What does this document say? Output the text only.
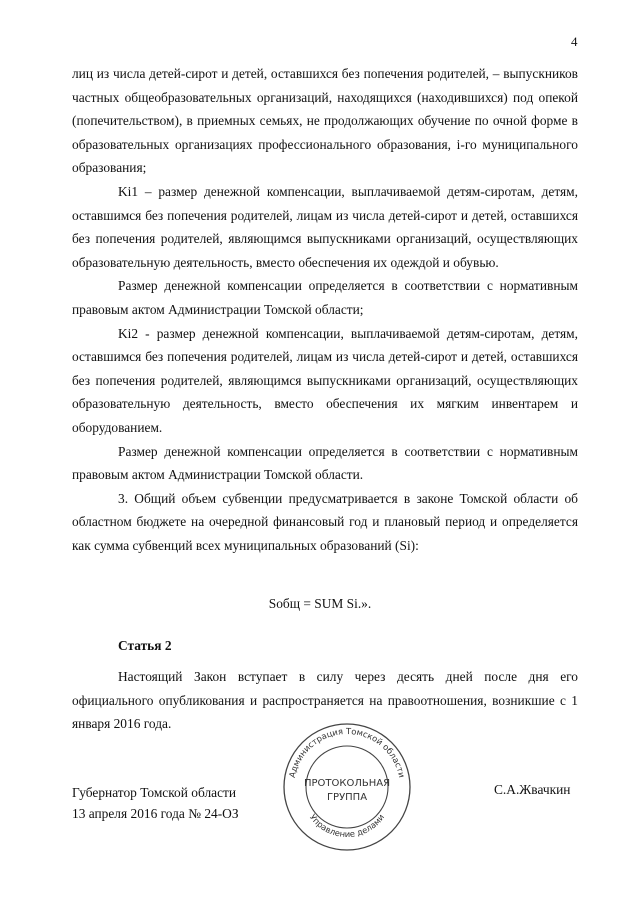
4

лиц из числа детей-сирот и детей, оставшихся без попечения родителей, – выпускников частных общеобразовательных организаций, находящихся (находившихся) под опекой (попечительством), в приемных семьях, не продолжающих обучение по очной форме в образовательных организациях профессионального образования, i-го муниципального образования;

Ki1 – размер денежной компенсации, выплачиваемой детям-сиротам, детям, оставшимся без попечения родителей, лицам из числа детей-сирот и детей, оставшихся без попечения родителей, являющимся выпускниками организаций, осуществляющих образовательную деятельность, вместо обеспечения их одеждой и обувью.

Размер денежной компенсации определяется в соответствии с нормативным правовым актом Администрации Томской области;

Ki2 - размер денежной компенсации, выплачиваемой детям-сиротам, детям, оставшимся без попечения родителей, лицам из числа детей-сирот и детей, оставшихся без попечения родителей, являющимся выпускниками организаций, осуществляющих образовательную деятельность, вместо обеспечения их мягким инвентарем и оборудованием.

Размер денежной компенсации определяется в соответствии с нормативным правовым актом Администрации Томской области.

3. Общий объем субвенции предусматривается в законе Томской области об областном бюджете на очередной финансовый год и плановый период и определяется как сумма субвенций всех муниципальных образований (Si):

Sобщ = SUM Si.».
Статья 2
Настоящий Закон вступает в силу через десять дней после дня его официального опубликования и распространяется на правоотношения, возникшие с 1 января 2016 года.
Администрация Томской области
Управление делами
ПРОТОКОЛЬНАЯ
ГРУППА
Губернатор Томской области
13 апреля 2016 года № 24-ОЗ
С.А.Жвачкин
